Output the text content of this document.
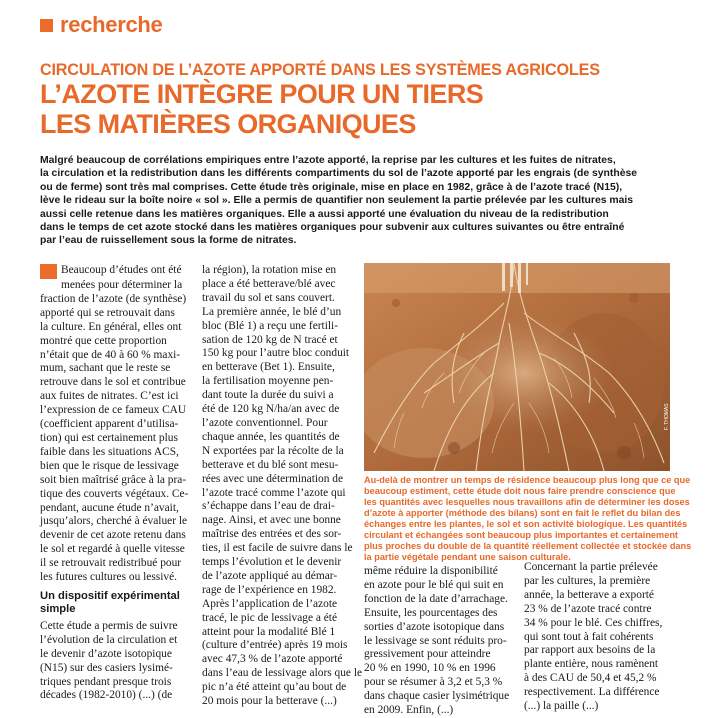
recherche
CIRCULATION DE L’AZOTE APPORTÉ DANS LES SYSTÈMES AGRICOLES
L’AZOTE INTÈGRE POUR UN TIERS
LES MATIÈRES ORGANIQUES
Malgré beaucoup de corrélations empiriques entre l’azote apporté, la reprise par les cultures et les fuites de nitrates,
la circulation et la redistribution dans les différents compartiments du sol de l’azote apporté par les engrais (de synthèse
ou de ferme) sont très mal comprises. Cette étude très originale, mise en place en 1982, grâce à de l’azote tracé (N15),
lève le rideau sur la boîte noire « sol ». Elle a permis de quantifier non seulement la partie prélevée par les cultures mais
aussi celle retenue dans les matières organiques. Elle a aussi apporté une évaluation du niveau de la redistribution
dans le temps de cet azote stocké dans les matières organiques pour subvenir aux cultures suivantes ou être entraîné
par l’eau de ruissellement sous la forme de nitrates.
Beaucoup d’études ont été
menées pour déterminer la
fraction de l’azote (de synthèse)
apporté qui se retrouvait dans
la culture. En général, elles ont
montré que cette proportion
n’était que de 40 à 60 % maxi-
mum, sachant que le reste se
retrouve dans le sol et contribue
aux fuites de nitrates. C’est ici
l’expression de ce fameux CAU
(coefficient apparent d’utilisa-
tion) qui est certainement plus
faible dans les situations ACS,
bien que le risque de lessivage
soit bien maîtrisé grâce à la pra-
tique des couverts végétaux. Ce-
pendant, aucune étude n’avait,
jusqu’alors, cherché à évaluer le
devenir de cet azote retenu dans
le sol et regardé à quelle vitesse
il se retrouvait redistribué pour
les futures cultures ou lessivé.
Un dispositif expérimental
simple
Cette étude a permis de suivre
l’évolution de la circulation et
le devenir d’azote isotopique
(N15) sur des casiers lysimé-
triques pendant presque trois
décades (1982-2010) (...) (de
la région), la rotation mise en
place a été betterave/blé avec
travail du sol et sans couvert.
La première année, le blé d’un
bloc (Blé 1) a reçu une fertili-
sation de 120 kg de N tracé et
150 kg pour l’autre bloc conduit
en betterave (Bet 1). Ensuite,
la fertilisation moyenne pen-
dant toute la durée du suivi a
été de 120 kg N/ha/an avec de
l’azote conventionnel. Pour
chaque année, les quantités de
N exportées par la récolte de la
betterave et du blé sont mesu-
rées avec une détermination de
l’azote tracé comme l’azote qui
s’échappe dans l’eau de drai-
nage. Ainsi, et avec une bonne
maîtrise des entrées et des sor-
ties, il est facile de suivre dans le
temps l’évolution et le devenir
de l’azote appliqué au démar-
rage de l’expérience en 1982.
Après l’application de l’azote
tracé, le pic de lessivage a été
atteint pour la modalité Blé 1
(culture d’entrée) après 19 mois
avec 47,3 % de l’azote apporté
dans l’eau de lessivage alors que le
pic n’a été atteint qu’au bout de
20 mois pour la betterave (...)
F. THOMAS
Au-delà de montrer un temps de résidence beaucoup plus long que ce que
beaucoup estiment, cette étude doit nous faire prendre conscience que
les quantités avec lesquelles nous travaillons afin de déterminer les doses
d’azote à apporter (méthode des bilans) sont en fait le reflet du bilan des
échanges entre les plantes, le sol et son activité biologique. Les quantités
circulant et échangées sont beaucoup plus importantes et certainement
plus proches du double de la quantité réellement collectée et stockée dans
la partie végétale pendant une saison culturale.
même réduire la disponibilité
en azote pour le blé qui suit en
fonction de la date d’arrachage.
Ensuite, les pourcentages des
sorties d’azote isotopique dans
le lessivage se sont réduits pro-
gressivement pour atteindre
20 % en 1990, 10 % en 1996
pour se résumer à 3,2 et 5,3 %
dans chaque casier lysimétrique
en 2009. Enfin, (...)
Concernant la partie prélevée
par les cultures, la première
année, la betterave a exporté
23 % de l’azote tracé contre
34 % pour le blé. Ces chiffres,
qui sont tout à fait cohérents
par rapport aux besoins de la
plante entière, nous ramènent
à des CAU de 50,4 et 45,2 %
respectivement. La différence
(...) la paille (...)
